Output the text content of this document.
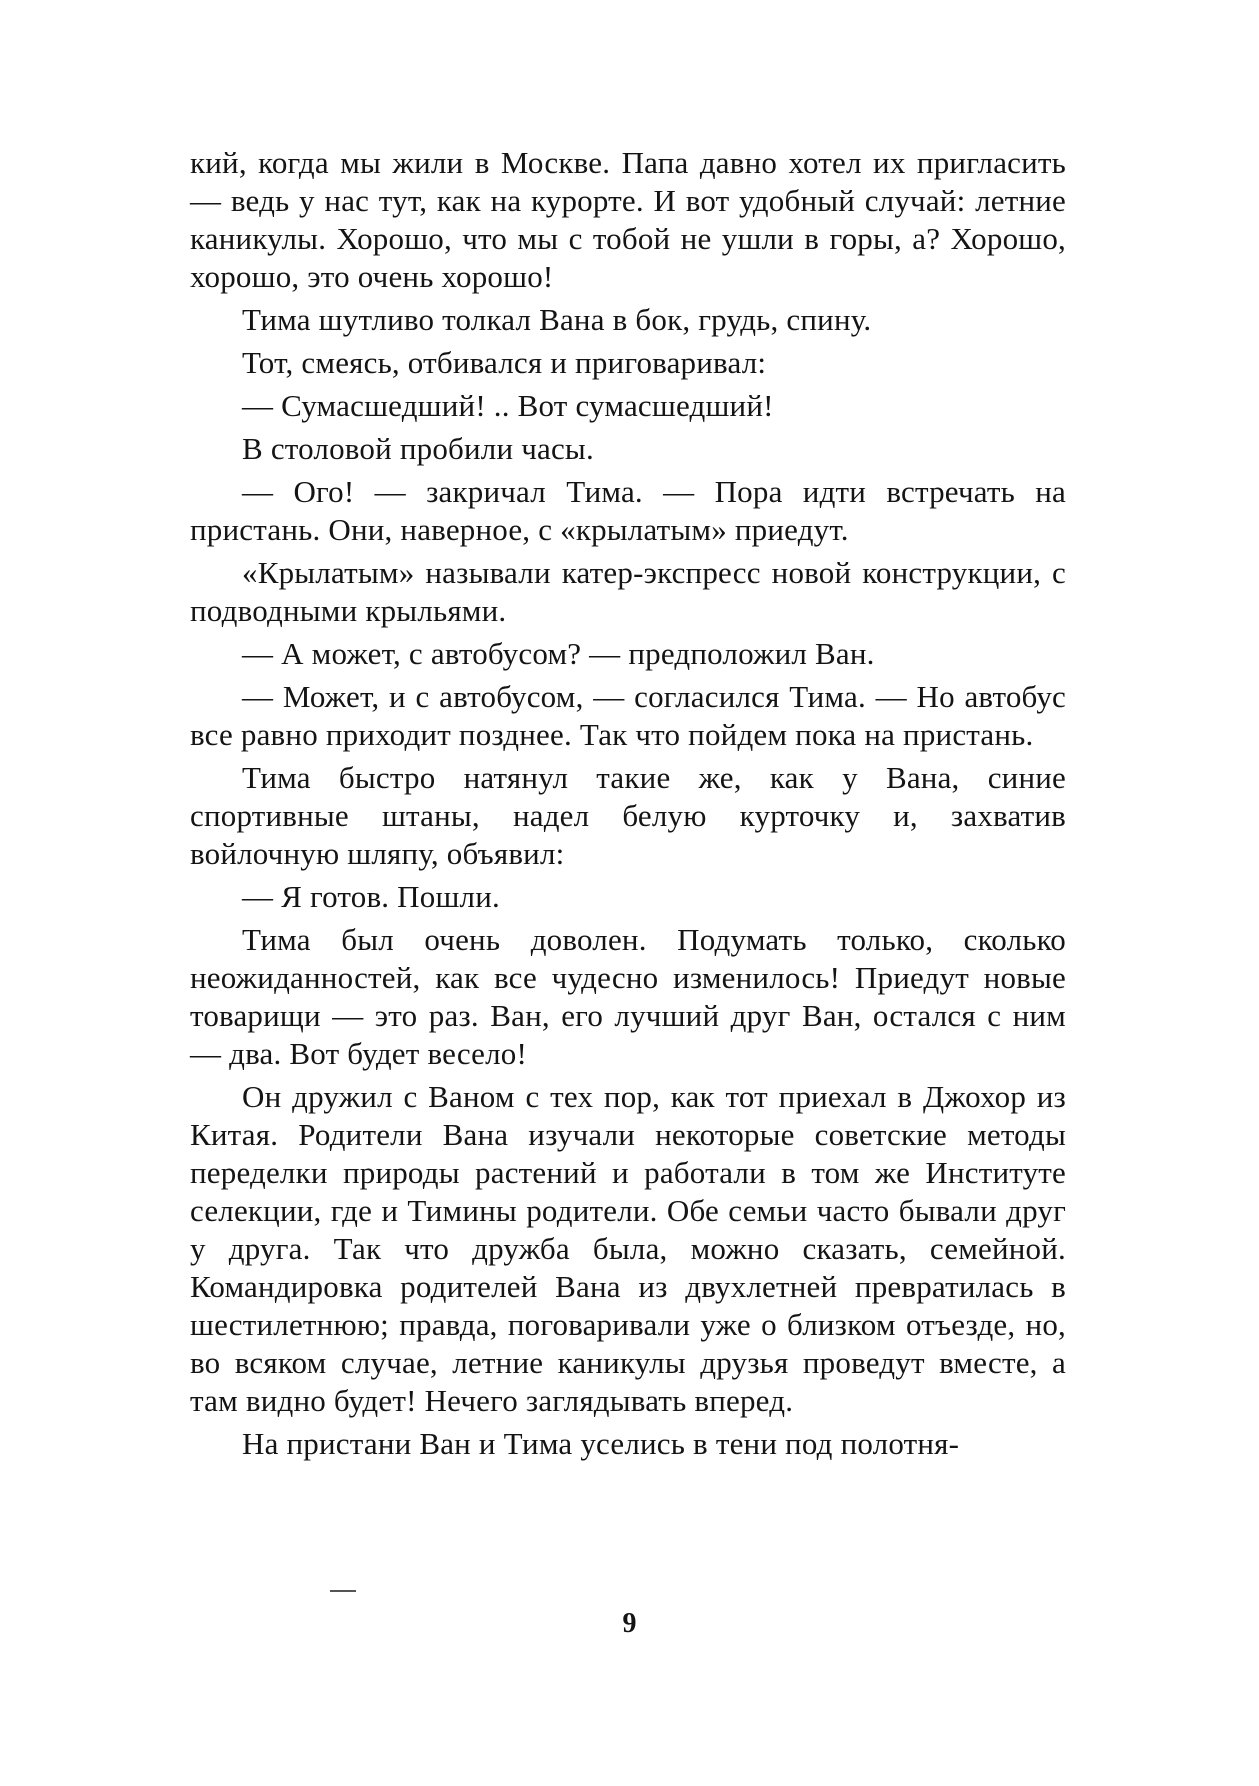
кий, когда мы жили в Москве. Папа давно хотел их пригласить — ведь у нас тут, как на курорте. И вот удобный случай: летние каникулы. Хорошо, что мы с тобой не ушли в горы, а? Хорошо, хорошо, это очень хорошо!

Тима шутливо толкал Вана в бок, грудь, спину.

Тот, смеясь, отбивался и приговаривал:

— Сумасшедший! .. Вот сумасшедший!

В столовой пробили часы.

— Ого! — закричал Тима. — Пора идти встречать на пристань. Они, наверное, с «крылатым» приедут.

«Крылатым» называли катер-экспресс новой конструкции, с подводными крыльями.

— А может, с автобусом? — предположил Ван.

— Может, и с автобусом, — согласился Тима. — Но автобус все равно приходит позднее. Так что пойдем пока на пристань.

Тима быстро натянул такие же, как у Вана, синие спортивные штаны, надел белую курточку и, захватив войлочную шляпу, объявил:

— Я готов. Пошли.

Тима был очень доволен. Подумать только, сколько неожиданностей, как все чудесно изменилось! Приедут новые товарищи — это раз. Ван, его лучший друг Ван, остался с ним — два. Вот будет весело!

Он дружил с Ваном с тех пор, как тот приехал в Джохор из Китая. Родители Вана изучали некоторые советские методы переделки природы растений и работали в том же Институте селекции, где и Тимины родители. Обе семьи часто бывали друг у друга. Так что дружба была, можно сказать, семейной. Командировка родителей Вана из двухлетней превратилась в шестилетнюю; правда, поговаривали уже о близком отъезде, но, во всяком случае, летние каникулы друзья проведут вместе, а там видно будет! Нечего заглядывать вперед.

На пристани Ван и Тима уселись в тени под полотня-

9
